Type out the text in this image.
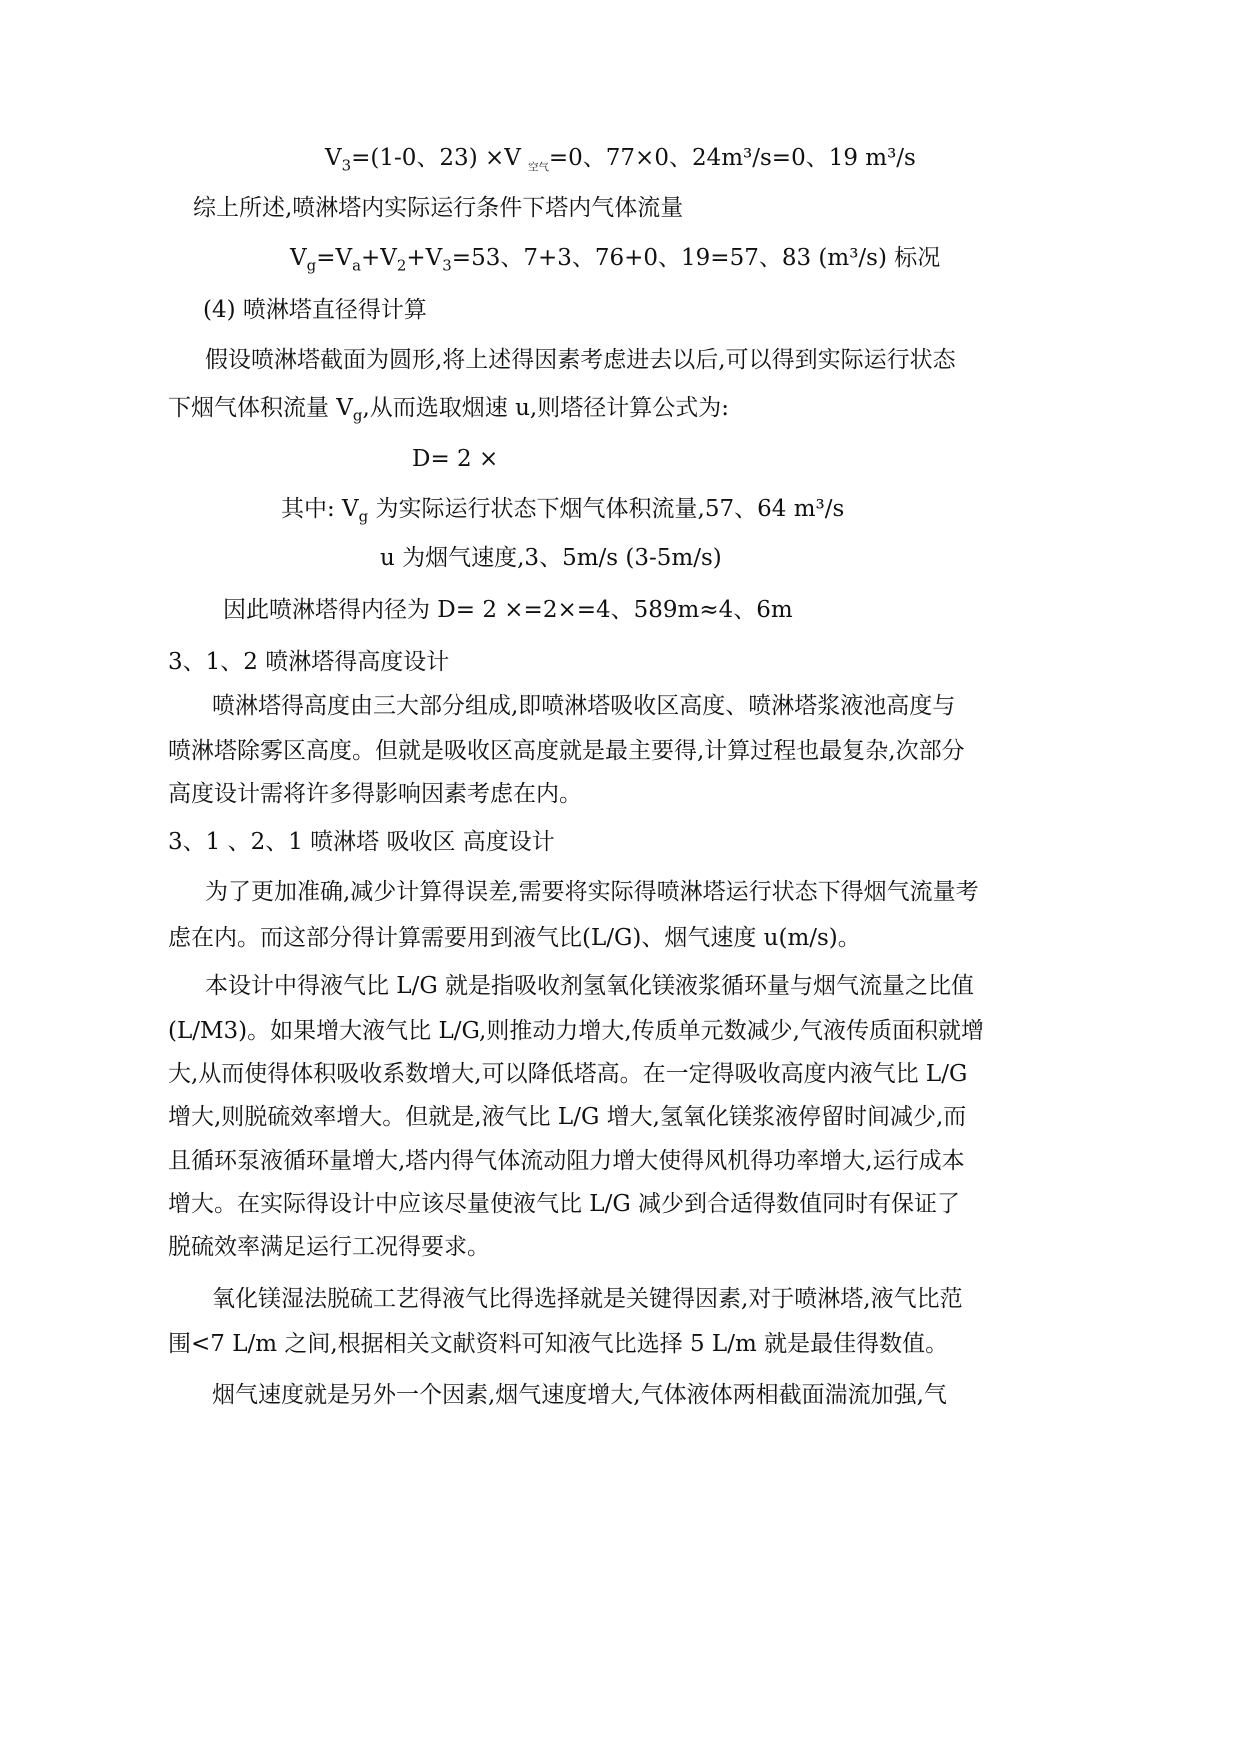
$V_3=(1-0$、23) ×V $_{空气}$=0、77×0、24m³/s=0、19 m³/s
综上所述,喷淋塔内实际运行条件下塔内气体流量
$V_g=V_a+V_2+V_3=53$、7+3、76+0、19=57、83 (m³/s) 标况
(4) 喷淋塔直径得计算
假设喷淋塔截面为圆形,将上述得因素考虑进去以后,可以得到实际运行状态
下烟气体积流量 $V_g$,从而选取烟速 u,则塔径计算公式为:
D= 2 ×
其中: $V_g$ 为实际运行状态下烟气体积流量,57、64 m³/s
u 为烟气速度,3、5m/s (3-5m/s)
因此喷淋塔得内径为 D= 2 ×=2×=4、589m≈4、6m
3、1、2 喷淋塔得高度设计
喷淋塔得高度由三大部分组成,即喷淋塔吸收区高度、喷淋塔浆液池高度与
喷淋塔除雾区高度。但就是吸收区高度就是最主要得,计算过程也最复杂,次部分
高度设计需将许多得影响因素考虑在内。
3、1 、2、1 喷淋塔 吸收区 高度设计
为了更加准确,减少计算得误差,需要将实际得喷淋塔运行状态下得烟气流量考
虑在内。而这部分得计算需要用到液气比(L/G)、烟气速度 u(m/s)。
本设计中得液气比 L/G 就是指吸收剂氢氧化镁液浆循环量与烟气流量之比值
(L/M3)。如果增大液气比 L/G,则推动力增大,传质单元数减少,气液传质面积就增
大,从而使得体积吸收系数增大,可以降低塔高。在一定得吸收高度内液气比 L/G
增大,则脱硫效率增大。但就是,液气比 L/G 增大,氢氧化镁浆液停留时间减少,而
且循环泵液循环量增大,塔内得气体流动阻力增大使得风机得功率增大,运行成本
增大。在实际得设计中应该尽量使液气比 L/G 减少到合适得数值同时有保证了
脱硫效率满足运行工况得要求。
氧化镁湿法脱硫工艺得液气比得选择就是关键得因素,对于喷淋塔,液气比范
围<7 L/m 之间,根据相关文献资料可知液气比选择 5 L/m 就是最佳得数值。
烟气速度就是另外一个因素,烟气速度增大,气体液体两相截面湍流加强,气
